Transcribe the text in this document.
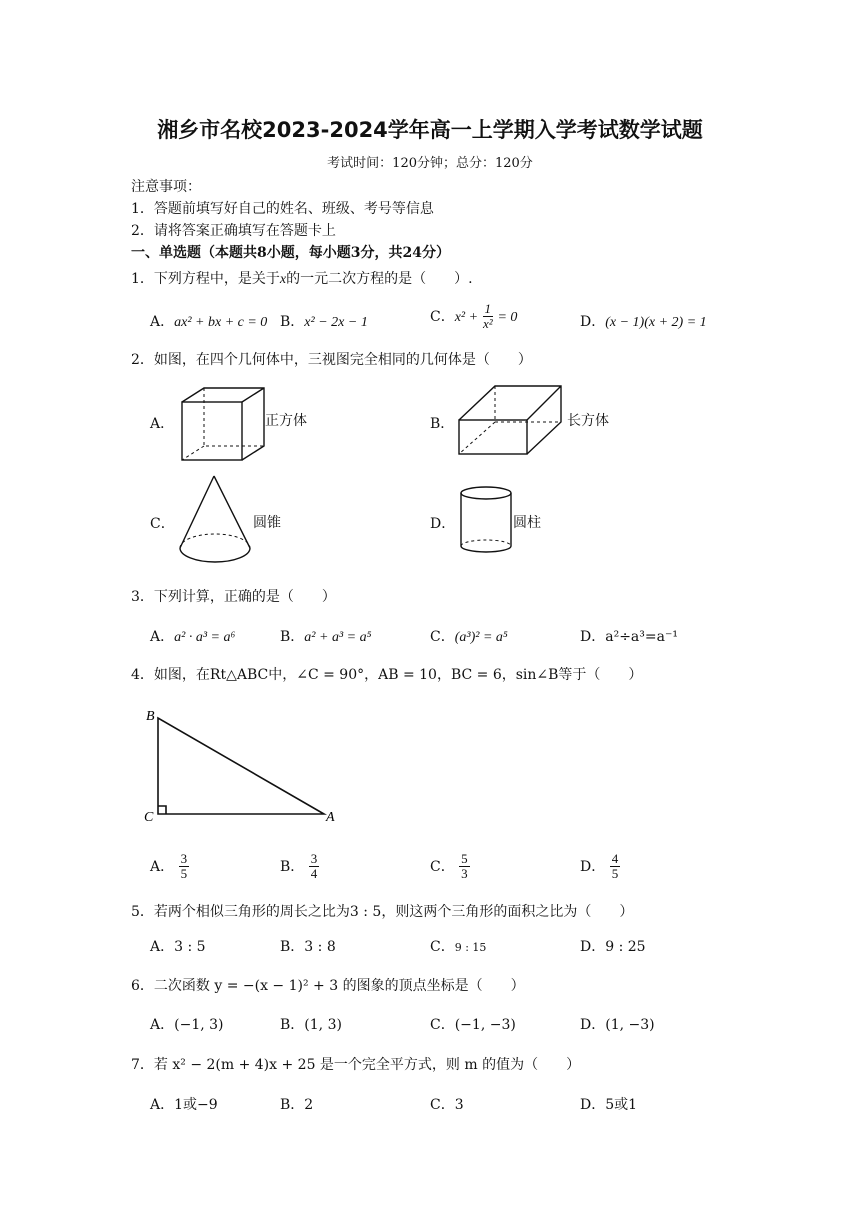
湘乡市名校2023-2024学年高一上学期入学考试数学试题
考试时间：120分钟；总分：120分
注意事项：
1．答题前填写好自己的姓名、班级、考号等信息
2．请将答案正确填写在答题卡上
一、单选题（本题共8小题，每小题3分，共24分）
1．下列方程中，是关于x的一元二次方程的是（　　）.
A．ax² + bx + c = 0 B．x² − 2x − 1	C．$x^2 + \frac{1}{\text{x²}} = 0$	D．(x − 1)(x + 2) = 1
2．如图，在四个几何体中，三视图完全相同的几何体是（　　）
A．	正方体	B．	长方体
C．	圆锥	D．	圆柱
3．下列计算，正确的是（　　）
A．a² · a³ = a⁶	B．a² + a³ = a⁵	C．(a³)² = a⁵	D．a²÷a³=a⁻¹
4．如图，在Rt△ABC中，∠C = 90°，AB = 10，BC = 6，sin∠B等于（　　）
B
C	A
A． $\frac{3}{5}$	B． $\frac{3}{4}$	C． $\frac{5}{3}$	D． $\frac{4}{5}$
5．若两个相似三角形的周长之比为3 : 5，则这两个三角形的面积之比为（　　）
A．3 : 5	B．3 : 8	C．9 : 15	D．9 : 25
6．二次函数 y = −(x − 1)² + 3 的图象的顶点坐标是（　　）
A．(−1, 3)	B．(1, 3)	C．(−1, −3)	D．(1, −3)
7．若 x² − 2(m + 4)x + 25 是一个完全平方式，则 m 的值为（　　）
A．1或−9	B．2	C．3	D．5或1
